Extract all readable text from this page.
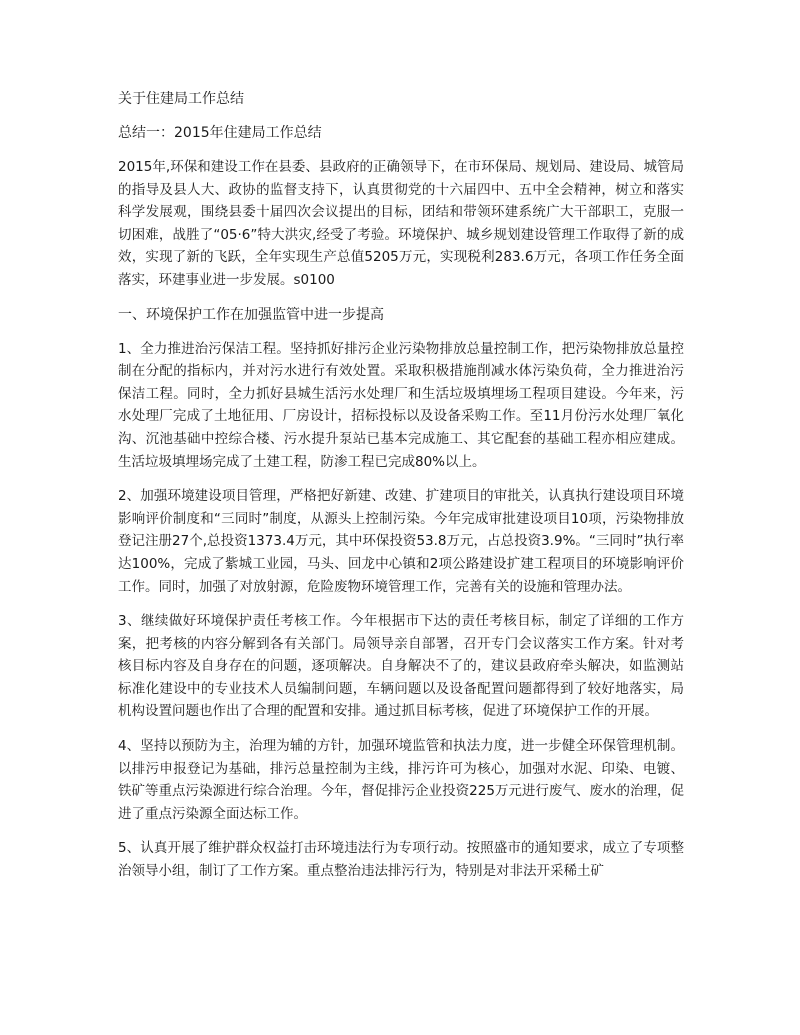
关于住建局工作总结

总结一：2015年住建局工作总结

2015年,环保和建设工作在县委、县政府的正确领导下，在市环保局、规划局、建设局、城管局的指导及县人大、政协的监督支持下，认真贯彻党的十六届四中、五中全会精神，树立和落实科学发展观，围绕县委十届四次会议提出的目标，团结和带领环建系统广大干部职工，克服一切困难，战胜了“05·6”特大洪灾,经受了考验。环境保护、城乡规划建设管理工作取得了新的成效，实现了新的飞跃，全年实现生产总值5205万元，实现税利283.6万元，各项工作任务全面落实，环建事业进一步发展。s0100

一、环境保护工作在加强监管中进一步提高

1、全力推进治污保洁工程。坚持抓好排污企业污染物排放总量控制工作，把污染物排放总量控制在分配的指标内，并对污水进行有效处置。采取积极措施削减水体污染负荷，全力推进治污保洁工程。同时，全力抓好县城生活污水处理厂和生活垃圾填埋场工程项目建设。今年来，污水处理厂完成了土地征用、厂房设计，招标投标以及设备采购工作。至11月份污水处理厂氧化沟、沉池基础中控综合楼、污水提升泵站已基本完成施工、其它配套的基础工程亦相应建成。生活垃圾填埋场完成了土建工程，防渗工程已完成80%以上。

2、加强环境建设项目管理，严格把好新建、改建、扩建项目的审批关，认真执行建设项目环境影响评价制度和“三同时”制度，从源头上控制污染。今年完成审批建设项目10项，污染物排放登记注册27个,总投资1373.4万元，其中环保投资53.8万元，占总投资3.9%。“三同时”执行率达100%，完成了紫城工业园，马头、回龙中心镇和2项公路建设扩建工程项目的环境影响评价工作。同时，加强了对放射源，危险废物环境管理工作，完善有关的设施和管理办法。

3、继续做好环境保护责任考核工作。今年根据市下达的责任考核目标，制定了详细的工作方案，把考核的内容分解到各有关部门。局领导亲自部署，召开专门会议落实工作方案。针对考核目标内容及自身存在的问题，逐项解决。自身解决不了的，建议县政府牵头解决，如监测站标准化建设中的专业技术人员编制问题，车辆问题以及设备配置问题都得到了较好地落实，局机构设置问题也作出了合理的配置和安排。通过抓目标考核，促进了环境保护工作的开展。

4、坚持以预防为主，治理为辅的方针，加强环境监管和执法力度，进一步健全环保管理机制。以排污申报登记为基础，排污总量控制为主线，排污许可为核心，加强对水泥、印染、电镀、铁矿等重点污染源进行综合治理。今年，督促排污企业投资225万元进行废气、废水的治理，促进了重点污染源全面达标工作。

5、认真开展了维护群众权益打击环境违法行为专项行动。按照盛市的通知要求，成立了专项整治领导小组，制订了工作方案。重点整治违法排污行为，特别是对非法开采稀土矿
